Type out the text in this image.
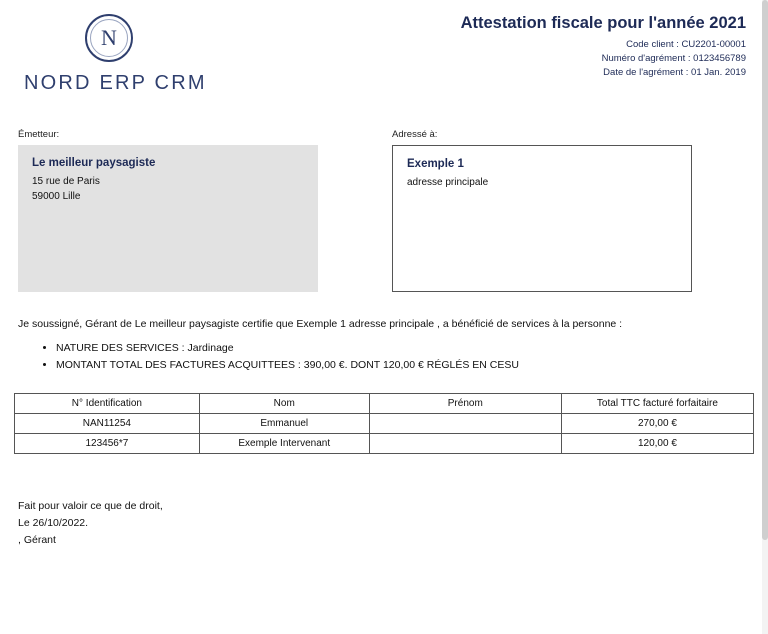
N
NORD ERP CRM
Attestation fiscale pour l'année 2021
Code client : CU2201-00001
Numéro d'agrément : 0123456789
Date de l'agrément : 01 Jan. 2019
Émetteur:
Le meilleur paysagiste
15 rue de Paris
59000 Lille
Adressé à:
Exemple 1
adresse principale
Je soussigné, Gérant de Le meilleur paysagiste certifie que Exemple 1 adresse principale , a bénéficié de services à la personne :
• NATURE DES SERVICES : Jardinage
• MONTANT TOTAL DES FACTURES ACQUITTEES : 390,00 €. DONT 120,00 € RÉGLÉS EN CESU
N° Identification	Nom	Prénom	Total TTC facturé forfaitaire
NAN11254	Emmanuel		270,00 €
123456*7	Exemple Intervenant		120,00 €
Fait pour valoir ce que de droit,
Le 26/10/2022.
, Gérant
